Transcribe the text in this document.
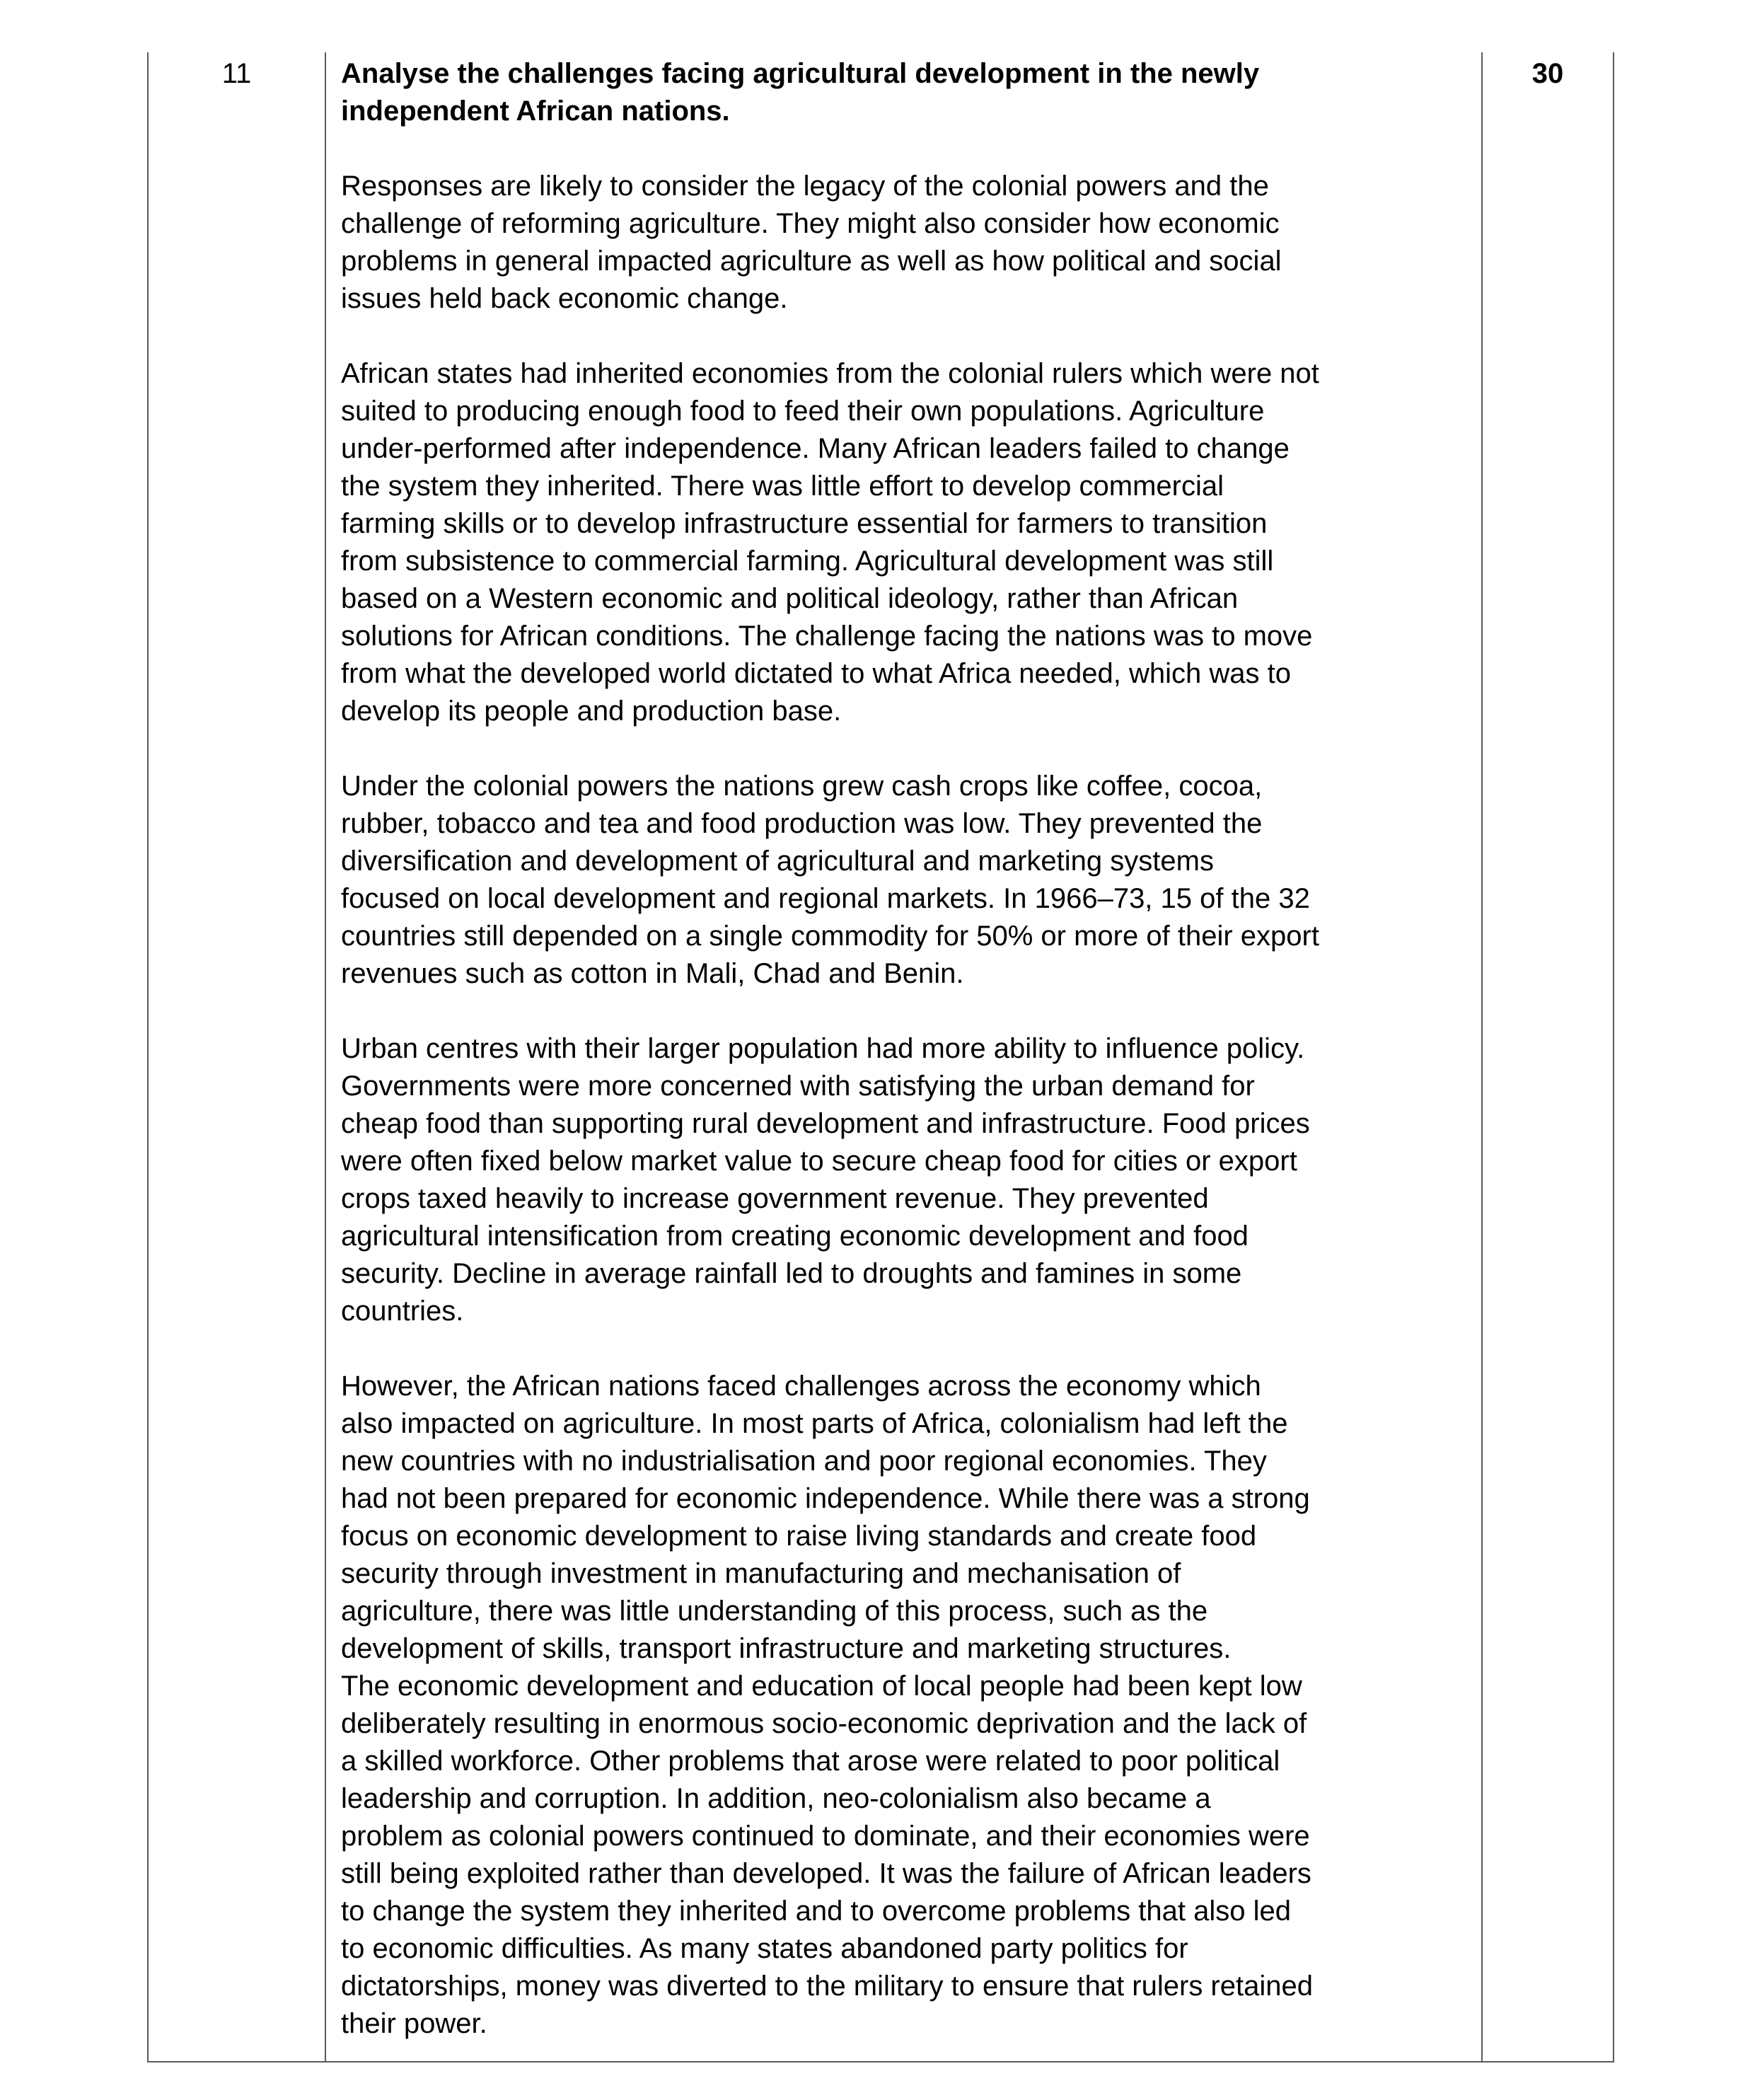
11	Analyse the challenges facing agricultural development in the newly
independent African nations.

Responses are likely to consider the legacy of the colonial powers and the
challenge of reforming agriculture. They might also consider how economic
problems in general impacted agriculture as well as how political and social
issues held back economic change.

African states had inherited economies from the colonial rulers which were not
suited to producing enough food to feed their own populations. Agriculture
under-performed after independence. Many African leaders failed to change
the system they inherited. There was little effort to develop commercial
farming skills or to develop infrastructure essential for farmers to transition
from subsistence to commercial farming. Agricultural development was still
based on a Western economic and political ideology, rather than African
solutions for African conditions. The challenge facing the nations was to move
from what the developed world dictated to what Africa needed, which was to
develop its people and production base.

Under the colonial powers the nations grew cash crops like coffee, cocoa,
rubber, tobacco and tea and food production was low. They prevented the
diversification and development of agricultural and marketing systems
focused on local development and regional markets. In 1966–73, 15 of the 32
countries still depended on a single commodity for 50% or more of their export
revenues such as cotton in Mali, Chad and Benin.

Urban centres with their larger population had more ability to influence policy.
Governments were more concerned with satisfying the urban demand for
cheap food than supporting rural development and infrastructure. Food prices
were often fixed below market value to secure cheap food for cities or export
crops taxed heavily to increase government revenue. They prevented
agricultural intensification from creating economic development and food
security. Decline in average rainfall led to droughts and famines in some
countries.

However, the African nations faced challenges across the economy which
also impacted on agriculture. In most parts of Africa, colonialism had left the
new countries with no industrialisation and poor regional economies. They
had not been prepared for economic independence. While there was a strong
focus on economic development to raise living standards and create food
security through investment in manufacturing and mechanisation of
agriculture, there was little understanding of this process, such as the
development of skills, transport infrastructure and marketing structures.

The economic development and education of local people had been kept low
deliberately resulting in enormous socio-economic deprivation and the lack of
a skilled workforce. Other problems that arose were related to poor political
leadership and corruption. In addition, neo-colonialism also became a
problem as colonial powers continued to dominate, and their economies were
still being exploited rather than developed. It was the failure of African leaders
to change the system they inherited and to overcome problems that also led
to economic difficulties. As many states abandoned party politics for
dictatorships, money was diverted to the military to ensure that rulers retained
their power.

30
